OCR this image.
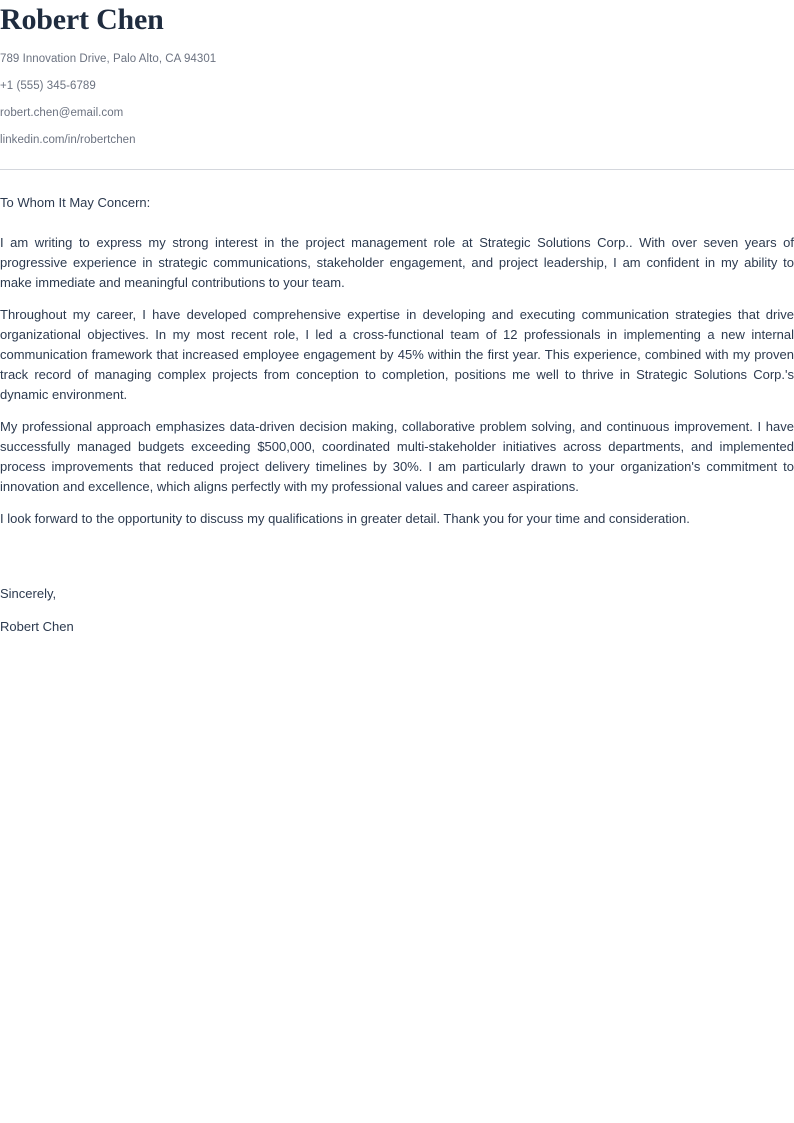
Robert Chen
789 Innovation Drive, Palo Alto, CA 94301
+1 (555) 345-6789
robert.chen@email.com
linkedin.com/in/robertchen

To Whom It May Concern:

I am writing to express my strong interest in the project management role at Strategic Solutions Corp.. With over seven years of progressive experience in strategic communications, stakeholder engagement, and project leadership, I am confident in my ability to make immediate and meaningful contributions to your team.

Throughout my career, I have developed comprehensive expertise in developing and executing communication strategies that drive organizational objectives. In my most recent role, I led a cross-functional team of 12 professionals in implementing a new internal communication framework that increased employee engagement by 45% within the first year. This experience, combined with my proven track record of managing complex projects from conception to completion, positions me well to thrive in Strategic Solutions Corp.'s dynamic environment.

My professional approach emphasizes data-driven decision making, collaborative problem solving, and continuous improvement. I have successfully managed budgets exceeding $500,000, coordinated multi-stakeholder initiatives across departments, and implemented process improvements that reduced project delivery timelines by 30%. I am particularly drawn to your organization's commitment to innovation and excellence, which aligns perfectly with my professional values and career aspirations.

I look forward to the opportunity to discuss my qualifications in greater detail. Thank you for your time and consideration.

Sincerely,

Robert Chen
